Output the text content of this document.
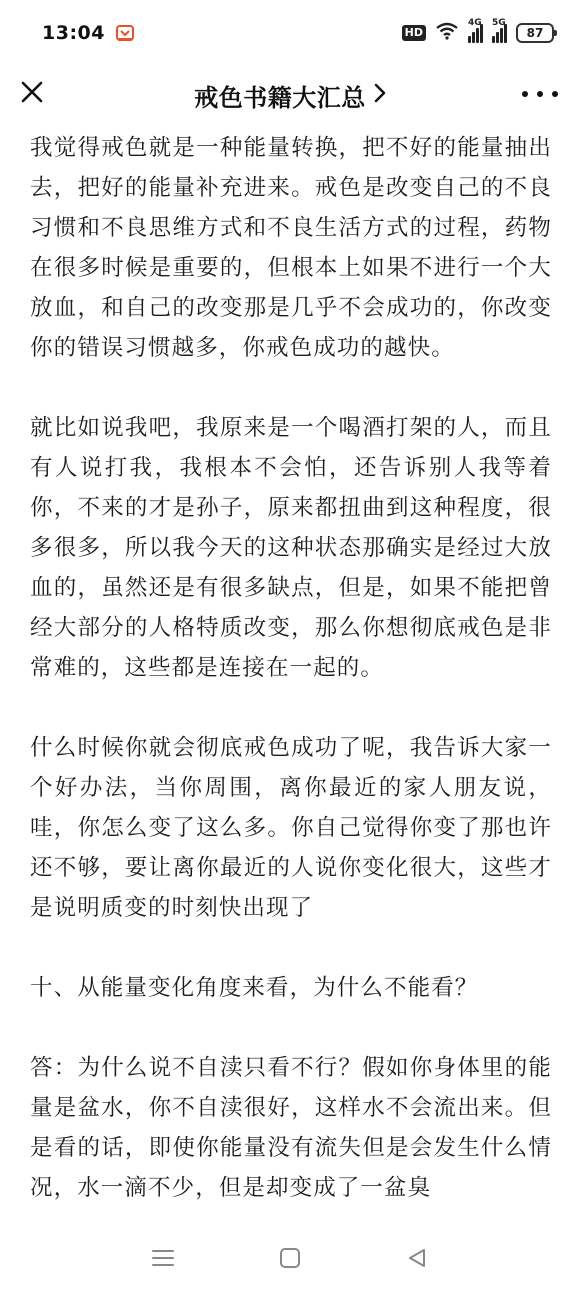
13:04	HD
4G 5G
87
戒色书籍大汇总

我觉得戒色就是一种能量转换，把不好的能量抽出去，把好的能量补充进来。戒色是改变自己的不良习惯和不良思维方式和不良生活方式的过程，药物在很多时候是重要的，但根本上如果不进行一个大放血，和自己的改变那是几乎不会成功的，你改变你的错误习惯越多，你戒色成功的越快。

就比如说我吧，我原来是一个喝酒打架的人，而且有人说打我，我根本不会怕，还告诉别人我等着你，不来的才是孙子，原来都扭曲到这种程度，很多很多，所以我今天的这种状态那确实是经过大放血的，虽然还是有很多缺点，但是，如果不能把曾经大部分的人格特质改变，那么你想彻底戒色是非常难的，这些都是连接在一起的。

什么时候你就会彻底戒色成功了呢，我告诉大家一个好办法，当你周围，离你最近的家人朋友说，哇，你怎么变了这么多。你自己觉得你变了那也许还不够，要让离你最近的人说你变化很大，这些才是说明质变的时刻快出现了

十、从能量变化角度来看，为什么不能看？

答：为什么说不自渎只看不行？假如你身体里的能量是盆水，你不自渎很好，这样水不会流出来。但是看的话，即使你能量没有流失但是会发生什么情况，水一滴不少，但是却变成了一盆臭
